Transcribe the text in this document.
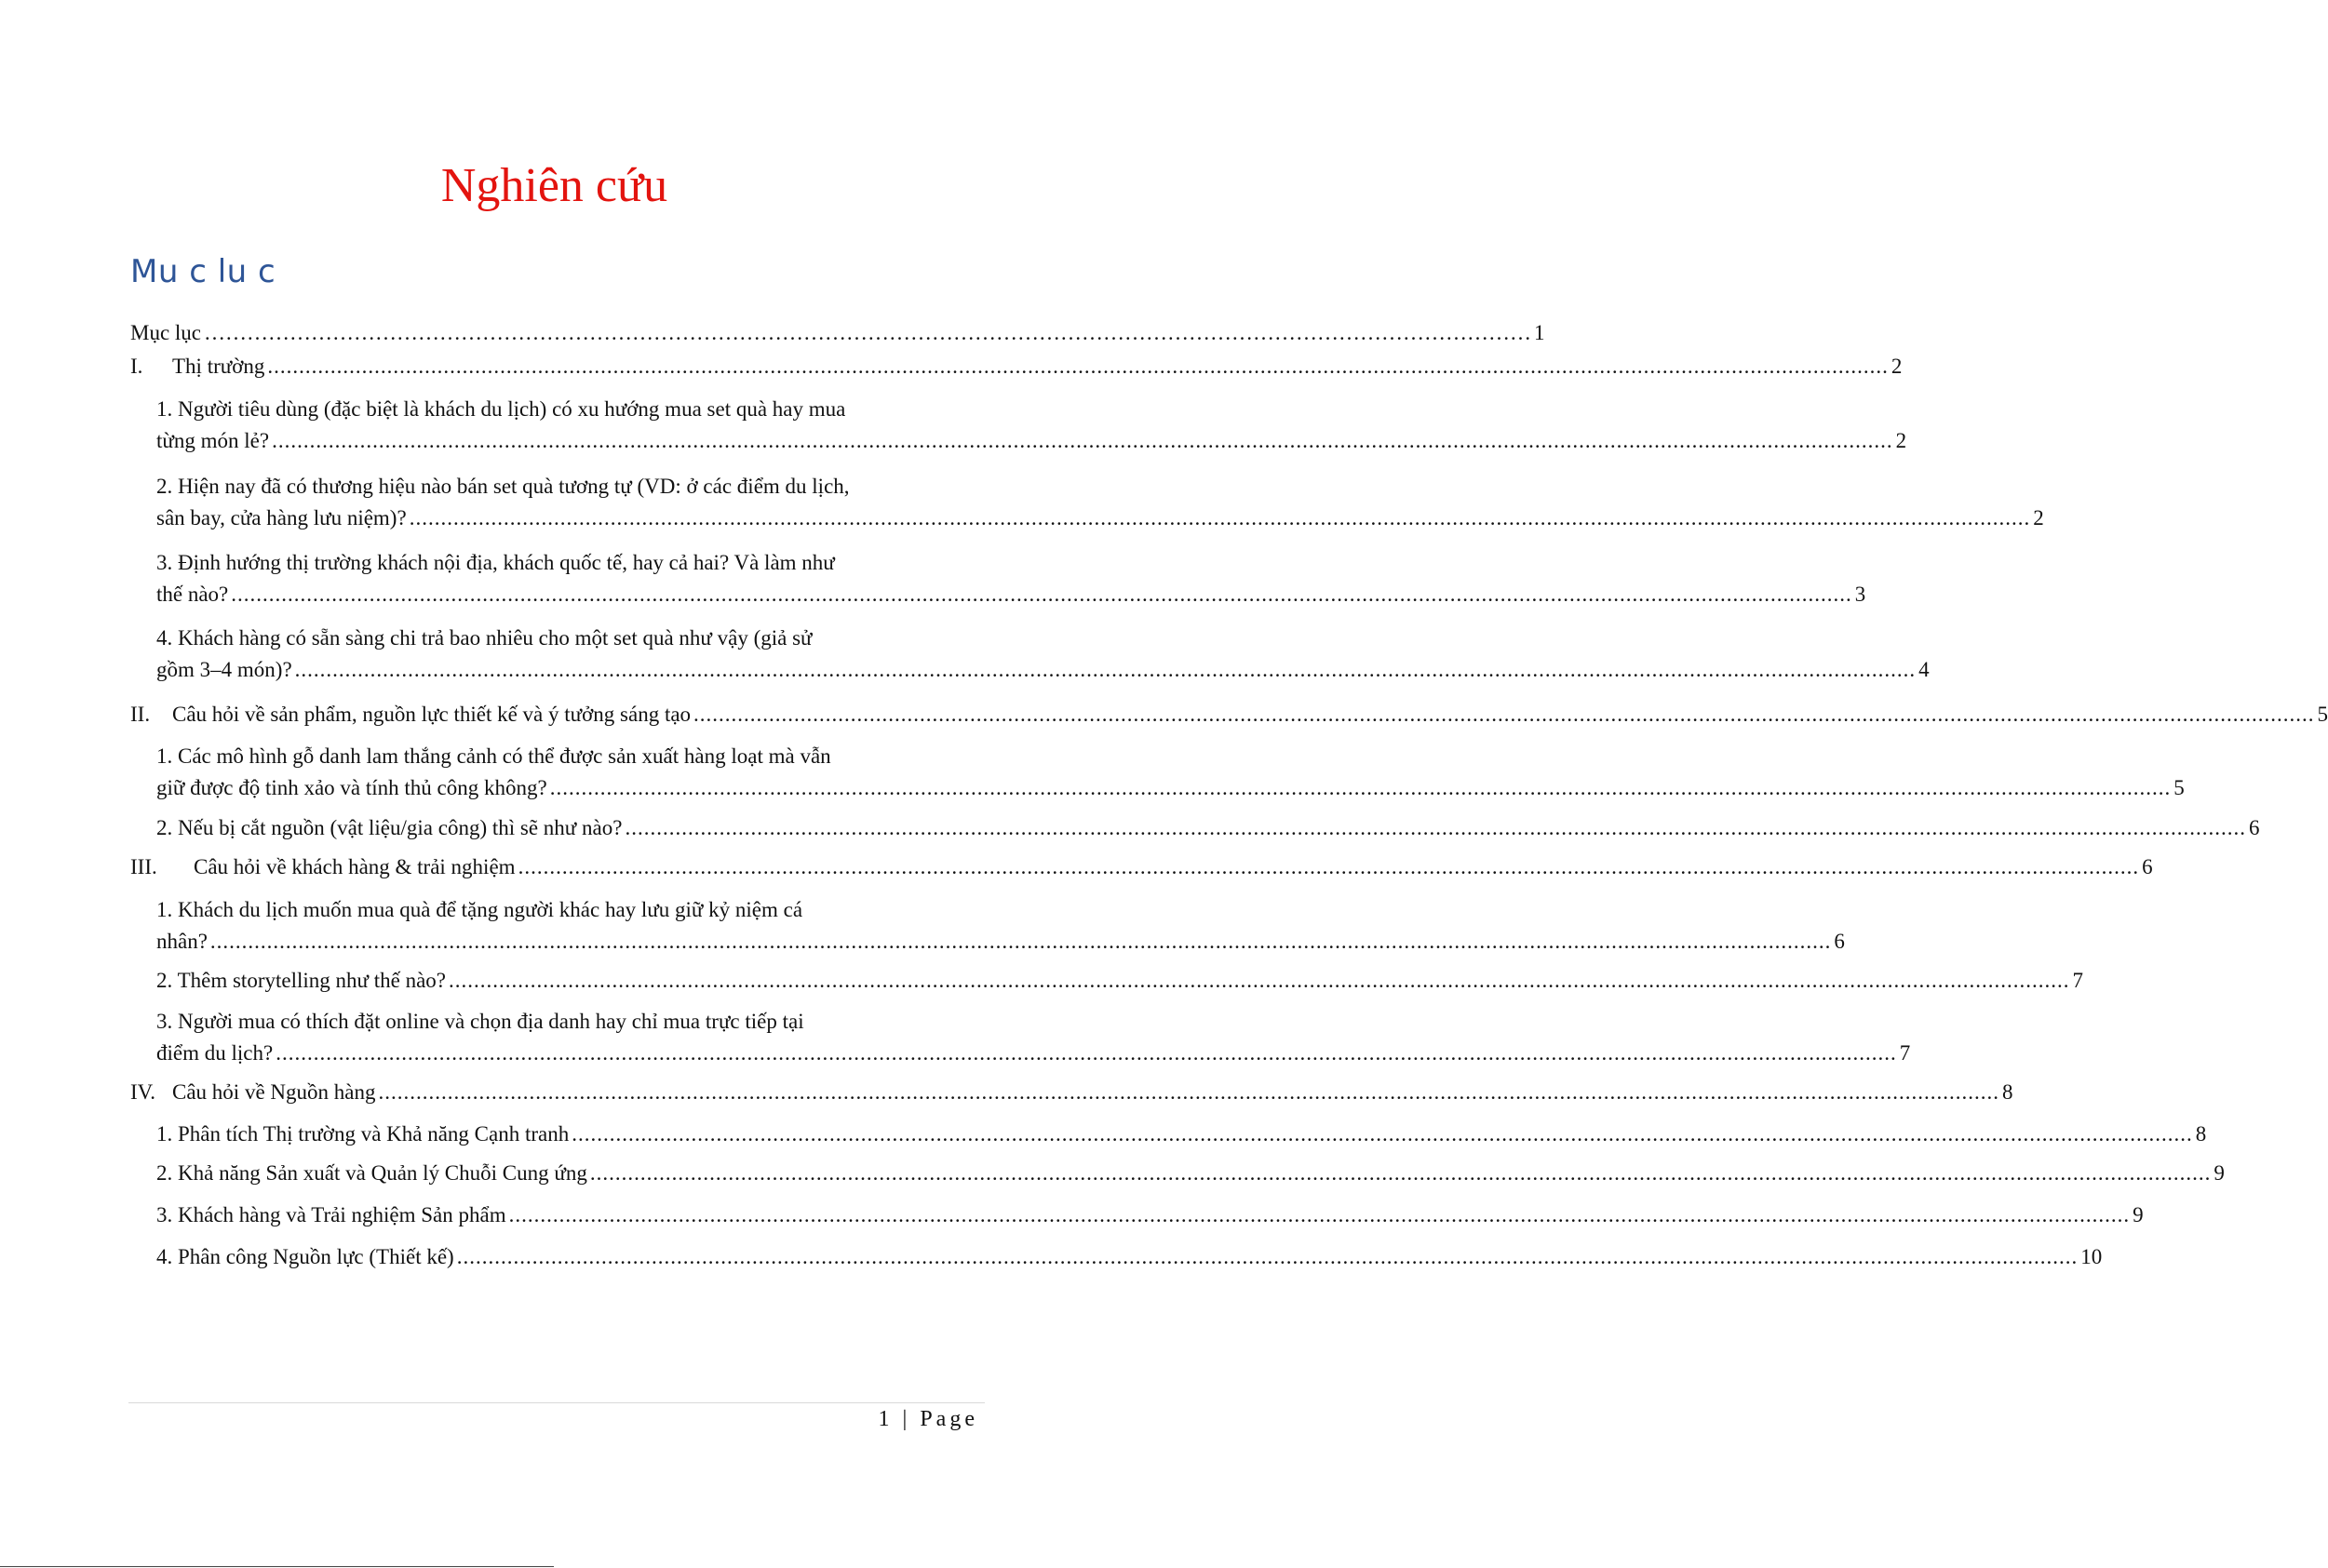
Nghiên cứu
Mu c lu c
Mục lục ……………………………………………………………………………………………………………………………………………………………………	1
I.	Thị trường .....	2
1. Người tiêu dùng (đặc biệt là khách du lịch) có xu hướng mua set quà hay mua
từng món lẻ? .....	2
2. Hiện nay đã có thương hiệu nào bán set quà tương tự (VD: ở các điểm du lịch,
sân bay, cửa hàng lưu niệm)? .....	2
3. Định hướng thị trường khách nội địa, khách quốc tế, hay cả hai? Và làm như
thế nào? .....	3
4. Khách hàng có sẵn sàng chi trả bao nhiêu cho một set quà như vậy (giả sử
gồm 3–4 món)? .....	4
II.	Câu hỏi về sản phẩm, nguồn lực thiết kế và ý tưởng sáng tạo .....	5
1. Các mô hình gỗ danh lam thắng cảnh có thể được sản xuất hàng loạt mà vẫn
giữ được độ tinh xảo và tính thủ công không? .....	5
2. Nếu bị cắt nguồn (vật liệu/gia công) thì sẽ như nào? .....	6
III.	Câu hỏi về khách hàng & trải nghiệm .....	6
1. Khách du lịch muốn mua quà để tặng người khác hay lưu giữ kỷ niệm cá
nhân? .....	6
2. Thêm storytelling như thế nào? .....	7
3. Người mua có thích đặt online và chọn địa danh hay chỉ mua trực tiếp tại
điểm du lịch? .....	7
IV. Câu hỏi về Nguồn hàng .....	8
1. Phân tích Thị trường và Khả năng Cạnh tranh .....	8
2. Khả năng Sản xuất và Quản lý Chuỗi Cung ứng .....	9
3. Khách hàng và Trải nghiệm Sản phẩm .....	9
4. Phân công Nguồn lực (Thiết kế) .....	10
1 | Page
